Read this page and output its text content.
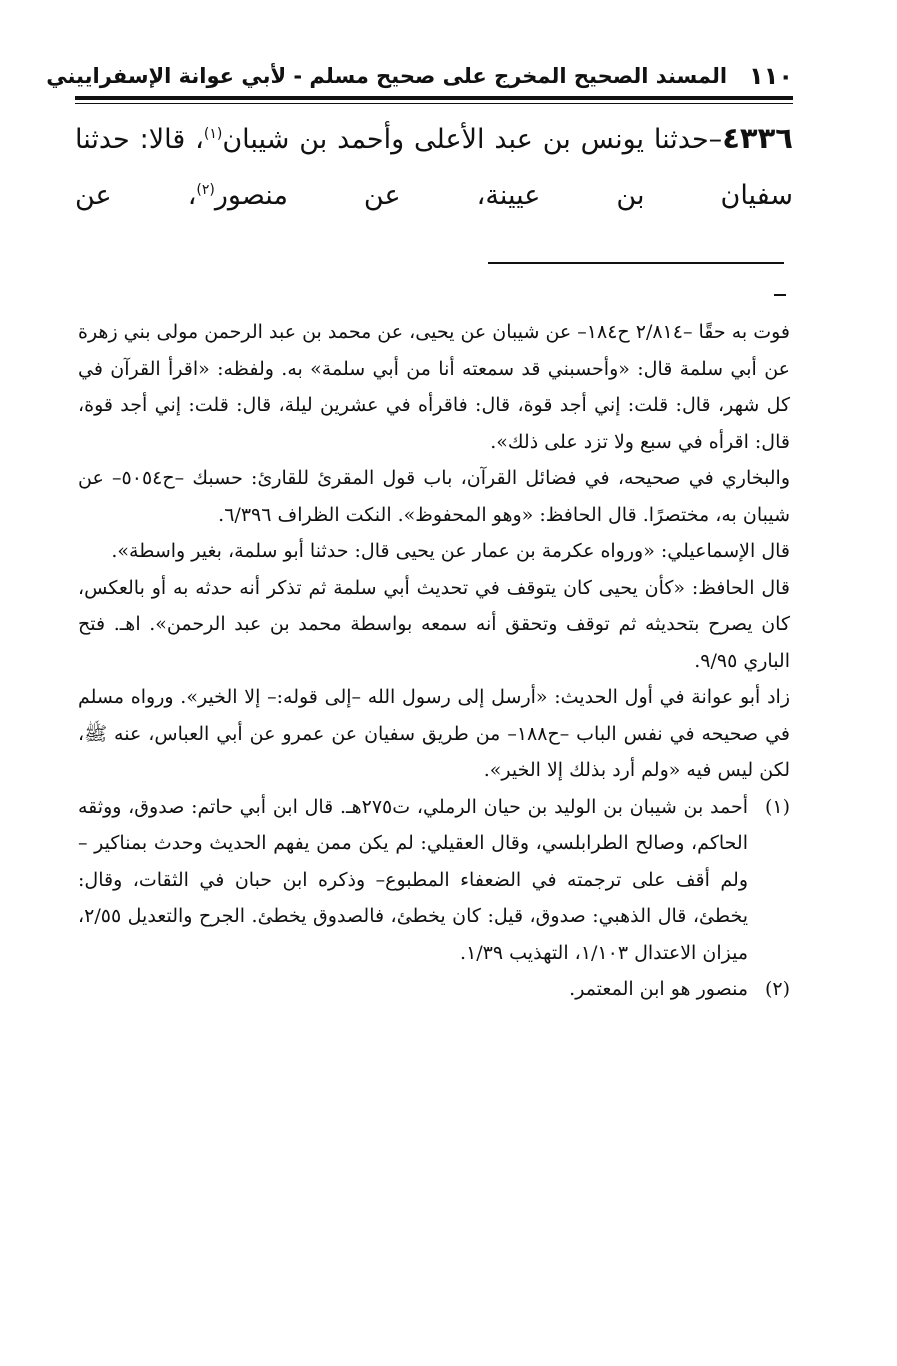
١١٠
المسند الصحيح المخرج على صحيح مسلم - لأبي عوانة الإسفراييني
٤٣٣٦–حدثنا يونس بن عبد الأعلى وأحمد بن شيبان$^{(١)}$، قالا: حدثنا سفيان بن عيينة، عن منصور$^{(٢)}$، عن

فوت به حقًا –٢/٨١٤ ح١٨٤– عن شيبان عن يحيى، عن محمد بن عبد الرحمن مولى بني زهرة عن أبي سلمة قال: «وأحسبني قد سمعته أنا من أبي سلمة» به. ولفظه: «اقرأ القرآن في كل شهر، قال: قلت: إني أجد قوة، قال: فاقرأه في عشرين ليلة، قال: قلت: إني أجد قوة، قال: اقرأه في سبع ولا تزد على ذلك».

والبخاري في صحيحه، في فضائل القرآن، باب قول المقرئ للقارئ: حسبك –ح٥٠٥٤– عن شيبان به، مختصرًا. قال الحافظ: «وهو المحفوظ». النكت الظراف ٦/٣٩٦.

قال الإسماعيلي: «ورواه عكرمة بن عمار عن يحيى قال: حدثنا أبو سلمة، بغير واسطة».

قال الحافظ: «كأن يحيى كان يتوقف في تحديث أبي سلمة ثم تذكر أنه حدثه به أو بالعكس، كان يصرح بتحديثه ثم توقف وتحقق أنه سمعه بواسطة محمد بن عبد الرحمن». اهـ. فتح الباري ٩/٩٥.

زاد أبو عوانة في أول الحديث: «أرسل إلى رسول الله –إلى قوله:– إلا الخير». ورواه مسلم في صحيحه في نفس الباب –ح١٨٨– من طريق سفيان عن عمرو عن أبي العباس، عنه ﷺ، لكن ليس فيه «ولم أرد بذلك إلا الخير».

(١)
أحمد بن شيبان بن الوليد بن حيان الرملي، ت٢٧٥هـ. قال ابن أبي حاتم: صدوق، ووثقه الحاكم، وصالح الطرابلسي، وقال العقيلي: لم يكن ممن يفهم الحديث وحدث بمناكير –ولم أقف على ترجمته في الضعفاء المطبوع– وذكره ابن حبان في الثقات، وقال: يخطئ، قال الذهبي: صدوق، قيل: كان يخطئ، فالصدوق يخطئ. الجرح والتعديل ٢/٥٥، ميزان الاعتدال ١/١٠٣، التهذيب ١/٣٩.
(٢)
منصور هو ابن المعتمر.
